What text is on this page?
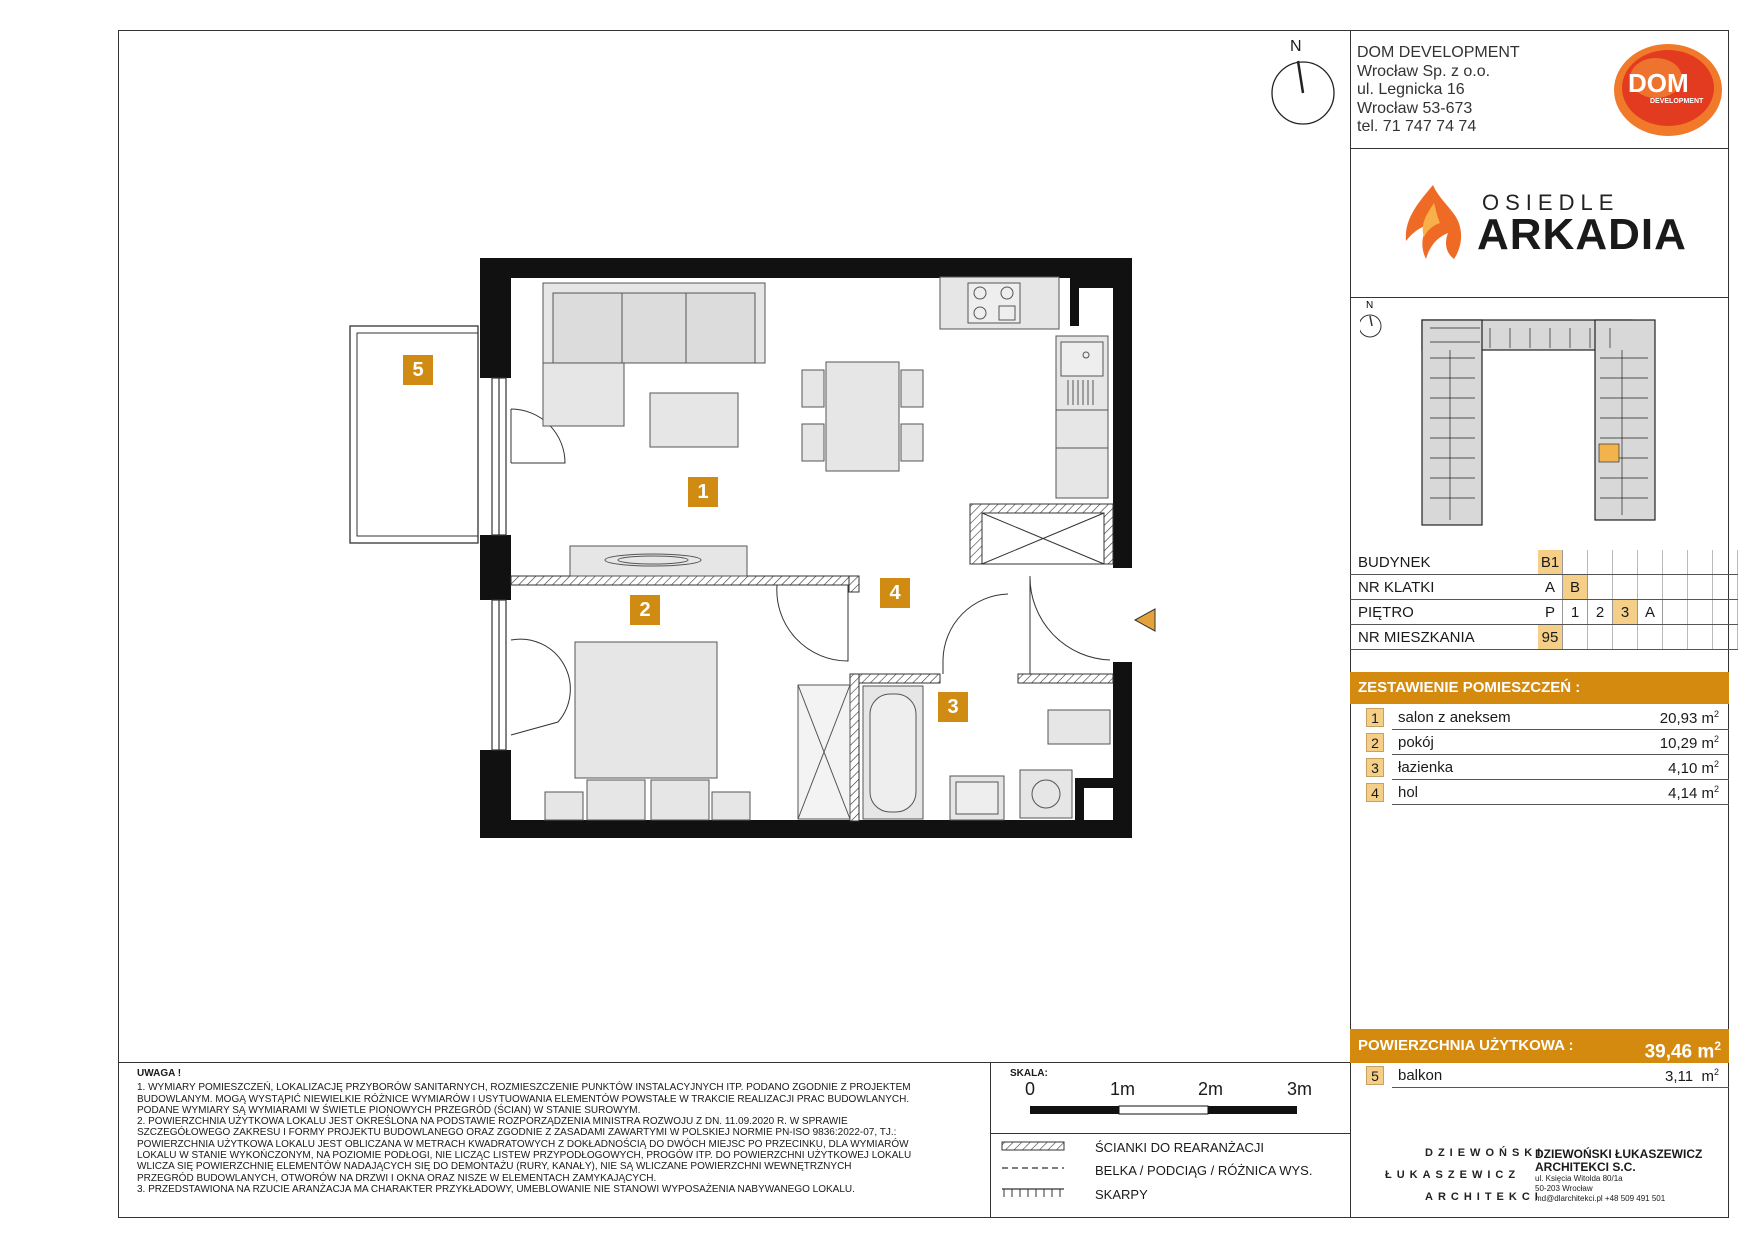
1
2
3
4
5
N	DOM DEVELOPMENT
Wrocław Sp. z o.o.
ul. Legnicka 16
Wrocław 53-673
tel. 71 747 74 74
DOM
DEVELOPMENT
OSIEDLE
ARKADIA
N
BUDYNEK	B1							
NR KLATKI	A	B						
PIĘTRO	P	1	2	3	A			
NR MIESZKANIA	95							
ZESTAWIENIE POMIESZCZEŃ :
1	salon z aneksem	20,93 $m^2$
2	pokój	10,29 $m^2$
3	łazienka	4,10 $m^2$
4	hol	4,14 $m^2$
POWIERZCHNIA UŻYTKOWA :	39,46 $m^2$
5	balkon	3,11 $m^2$
DZIEWOŃSKI
ŁUKASZEWICZ
ARCHITEKCI
DZIEWOŃSKI ŁUKASZEWICZ
ARCHITEKCI S.C.
ul. Księcia Witolda 80/1a
50-203 Wrocław
md@dlarchitekci.pl +48 509 491 501
UWAGA !
1. WYMIARY POMIESZCZEŃ, LOKALIZACJĘ PRZYBORÓW SANITARNYCH, ROZMIESZCZENIE PUNKTÓW INSTALACYJNYCH ITP. PODANO ZGODNIE Z PROJEKTEM
BUDOWLANYM. MOGĄ WYSTĄPIĆ NIEWIELKIE RÓŻNICE WYMIARÓW I USYTUOWANIA ELEMENTÓW POWSTAŁE W TRAKCIE REALIZACJI PRAC BUDOWLANYCH.
PODANE WYMIARY SĄ WYMIARAMI W ŚWIETLE PIONOWYCH PRZEGRÓD (ŚCIAN) W STANIE SUROWYM.
2. POWIERZCHNIA UŻYTKOWA LOKALU JEST OKREŚLONA NA PODSTAWIE ROZPORZĄDZENIA MINISTRA ROZWOJU Z DN. 11.09.2020 R. W SPRAWIE
SZCZEGÓŁOWEGO ZAKRESU I FORMY PROJEKTU BUDOWLANEGO ORAZ ZGODNIE Z ZASADAMI ZAWARTYMI W POLSKIEJ NORMIE PN-ISO 9836:2022-07, TJ.:
POWIERZCHNIA UŻYTKOWA LOKALU JEST OBLICZANA W METRACH KWADRATOWYCH Z DOKŁADNOŚCIĄ DO DWÓCH MIEJSC PO PRZECINKU, DLA WYMIARÓW
LOKALU W STANIE WYKOŃCZONYM, NA POZIOMIE PODŁOGI, NIE LICZĄC LISTEW PRZYPODŁOGOWYCH, PROGÓW ITP. DO POWIERZCHNI UŻYTKOWEJ LOKALU
WLICZA SIĘ POWIERZCHNIĘ ELEMENTÓW NADAJĄCYCH SIĘ DO DEMONTAŻU (RURY, KANAŁY), NIE SĄ WLICZANE POWIERZCHNI WEWNĘTRZNYCH
PRZEGRÓD BUDOWLANYCH, OTWORÓW NA DRZWI I OKNA ORAZ NISZE W ELEMENTACH ZAMYKAJĄCYCH.
3. PRZEDSTAWIONA NA RZUCIE ARANŻACJA MA CHARAKTER PRZYKŁADOWY, UMEBLOWANIE NIE STANOWI WYPOSAŻENIA NABYWANEGO LOKALU.
SKALA:
0	1m	2m	3m
ŚCIANKI DO REARANŻACJI
BELKA / PODCIĄG / RÓŻNICA WYS.
SKARPY
